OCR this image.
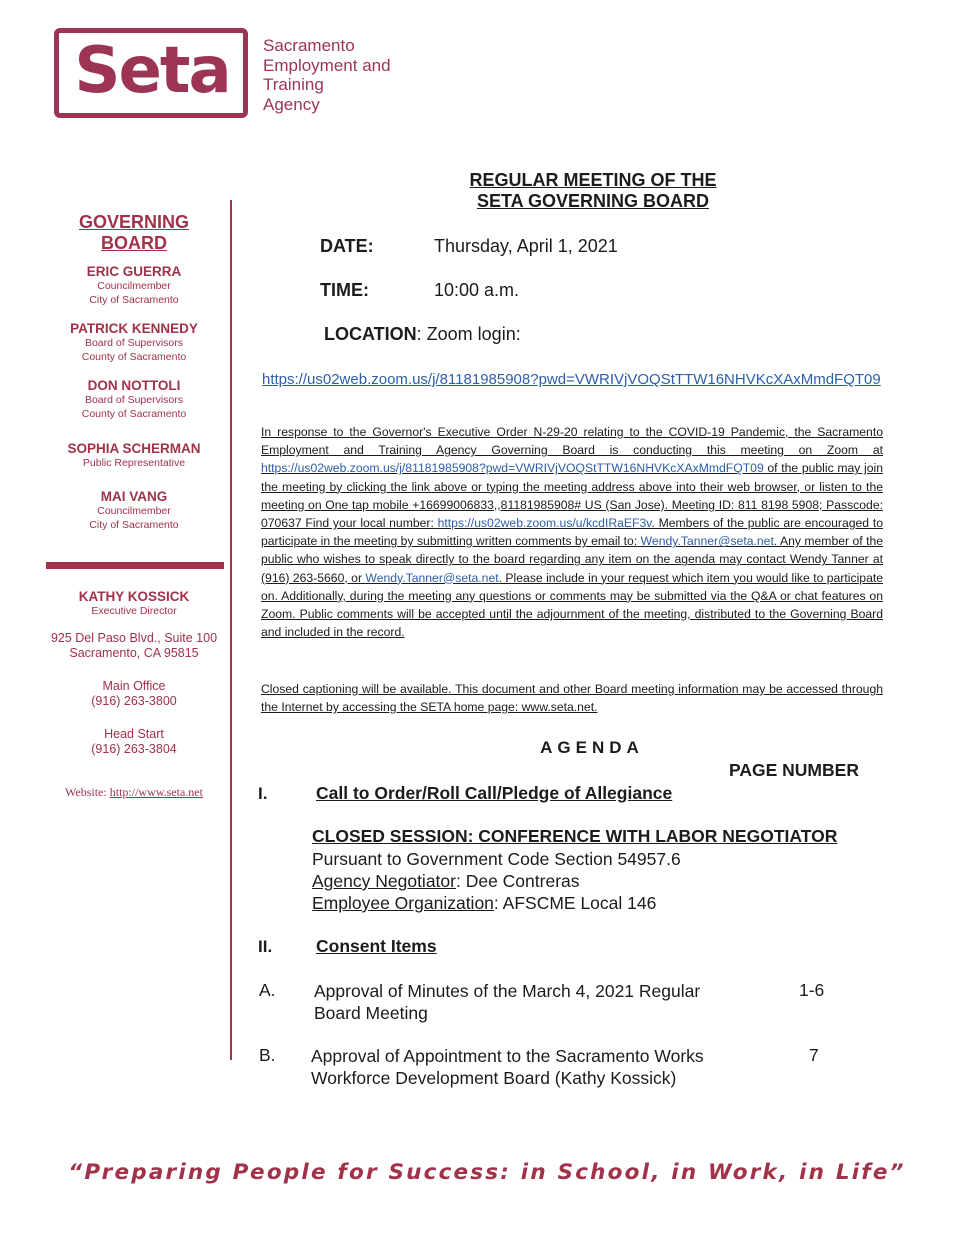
Seta	Sacramento
Employment and
Training
Agency
GOVERNING BOARD
ERIC GUERRA
Councilmember
City of Sacramento
PATRICK KENNEDY
Board of Supervisors
County of Sacramento
DON NOTTOLI
Board of Supervisors
County of Sacramento
SOPHIA SCHERMAN
Public Representative
MAI VANG
Councilmember
City of Sacramento
KATHY KOSSICK
Executive Director
925 Del Paso Blvd., Suite 100
Sacramento, CA 95815
Main Office
(916) 263-3800
Head Start
(916) 263-3804
Website: http://www.seta.net
REGULAR MEETING OF THE
SETA GOVERNING BOARD
DATE:	Thursday, April 1, 2021
TIME:	10:00 a.m.
LOCATION: Zoom login:
https://us02web.zoom.us/j/81181985908?pwd=VWRIVjVOQStTTW16NHVKcXAxMmdFQT09
In response to the Governor's Executive Order N-29-20 relating to the COVID-19 Pandemic, the Sacramento Employment and Training Agency Governing Board is conducting this meeting on Zoom at https://us02web.zoom.us/j/81181985908?pwd=VWRIVjVOQStTTW16NHVKcXAxMmdFQT09 of the public may join the meeting by clicking the link above or typing the meeting address above into their web browser, or listen to the meeting on One tap mobile +16699006833,,81181985908# US (San Jose). Meeting ID: 811 8198 5908; Passcode: 070637 Find your local number: https://us02web.zoom.us/u/kcdIRaEF3v. Members of the public are encouraged to participate in the meeting by submitting written comments by email to: Wendy.Tanner@seta.net. Any member of the public who wishes to speak directly to the board regarding any item on the agenda may contact Wendy Tanner at (916) 263-5660, or Wendy.Tanner@seta.net. Please include in your request which item you would like to participate on. Additionally, during the meeting any questions or comments may be submitted via the Q&A or chat features on Zoom. Public comments will be accepted until the adjournment of the meeting, distributed to the Governing Board and included in the record.
Closed captioning will be available. This document and other Board meeting information may be accessed through the Internet by accessing the SETA home page: www.seta.net.
AGENDA
PAGE NUMBER
I.	Call to Order/Roll Call/Pledge of Allegiance
CLOSED SESSION: CONFERENCE WITH LABOR NEGOTIATOR
Pursuant to Government Code Section 54957.6
Agency Negotiator: Dee Contreras
Employee Organization: AFSCME Local 146
II.	Consent Items
A. Approval of Minutes of the March 4, 2021 Regular
Board Meeting
1-6
B. Approval of Appointment to the Sacramento Works
Workforce Development Board (Kathy Kossick)
7
“Preparing People for Success: in School, in Work, in Life”
